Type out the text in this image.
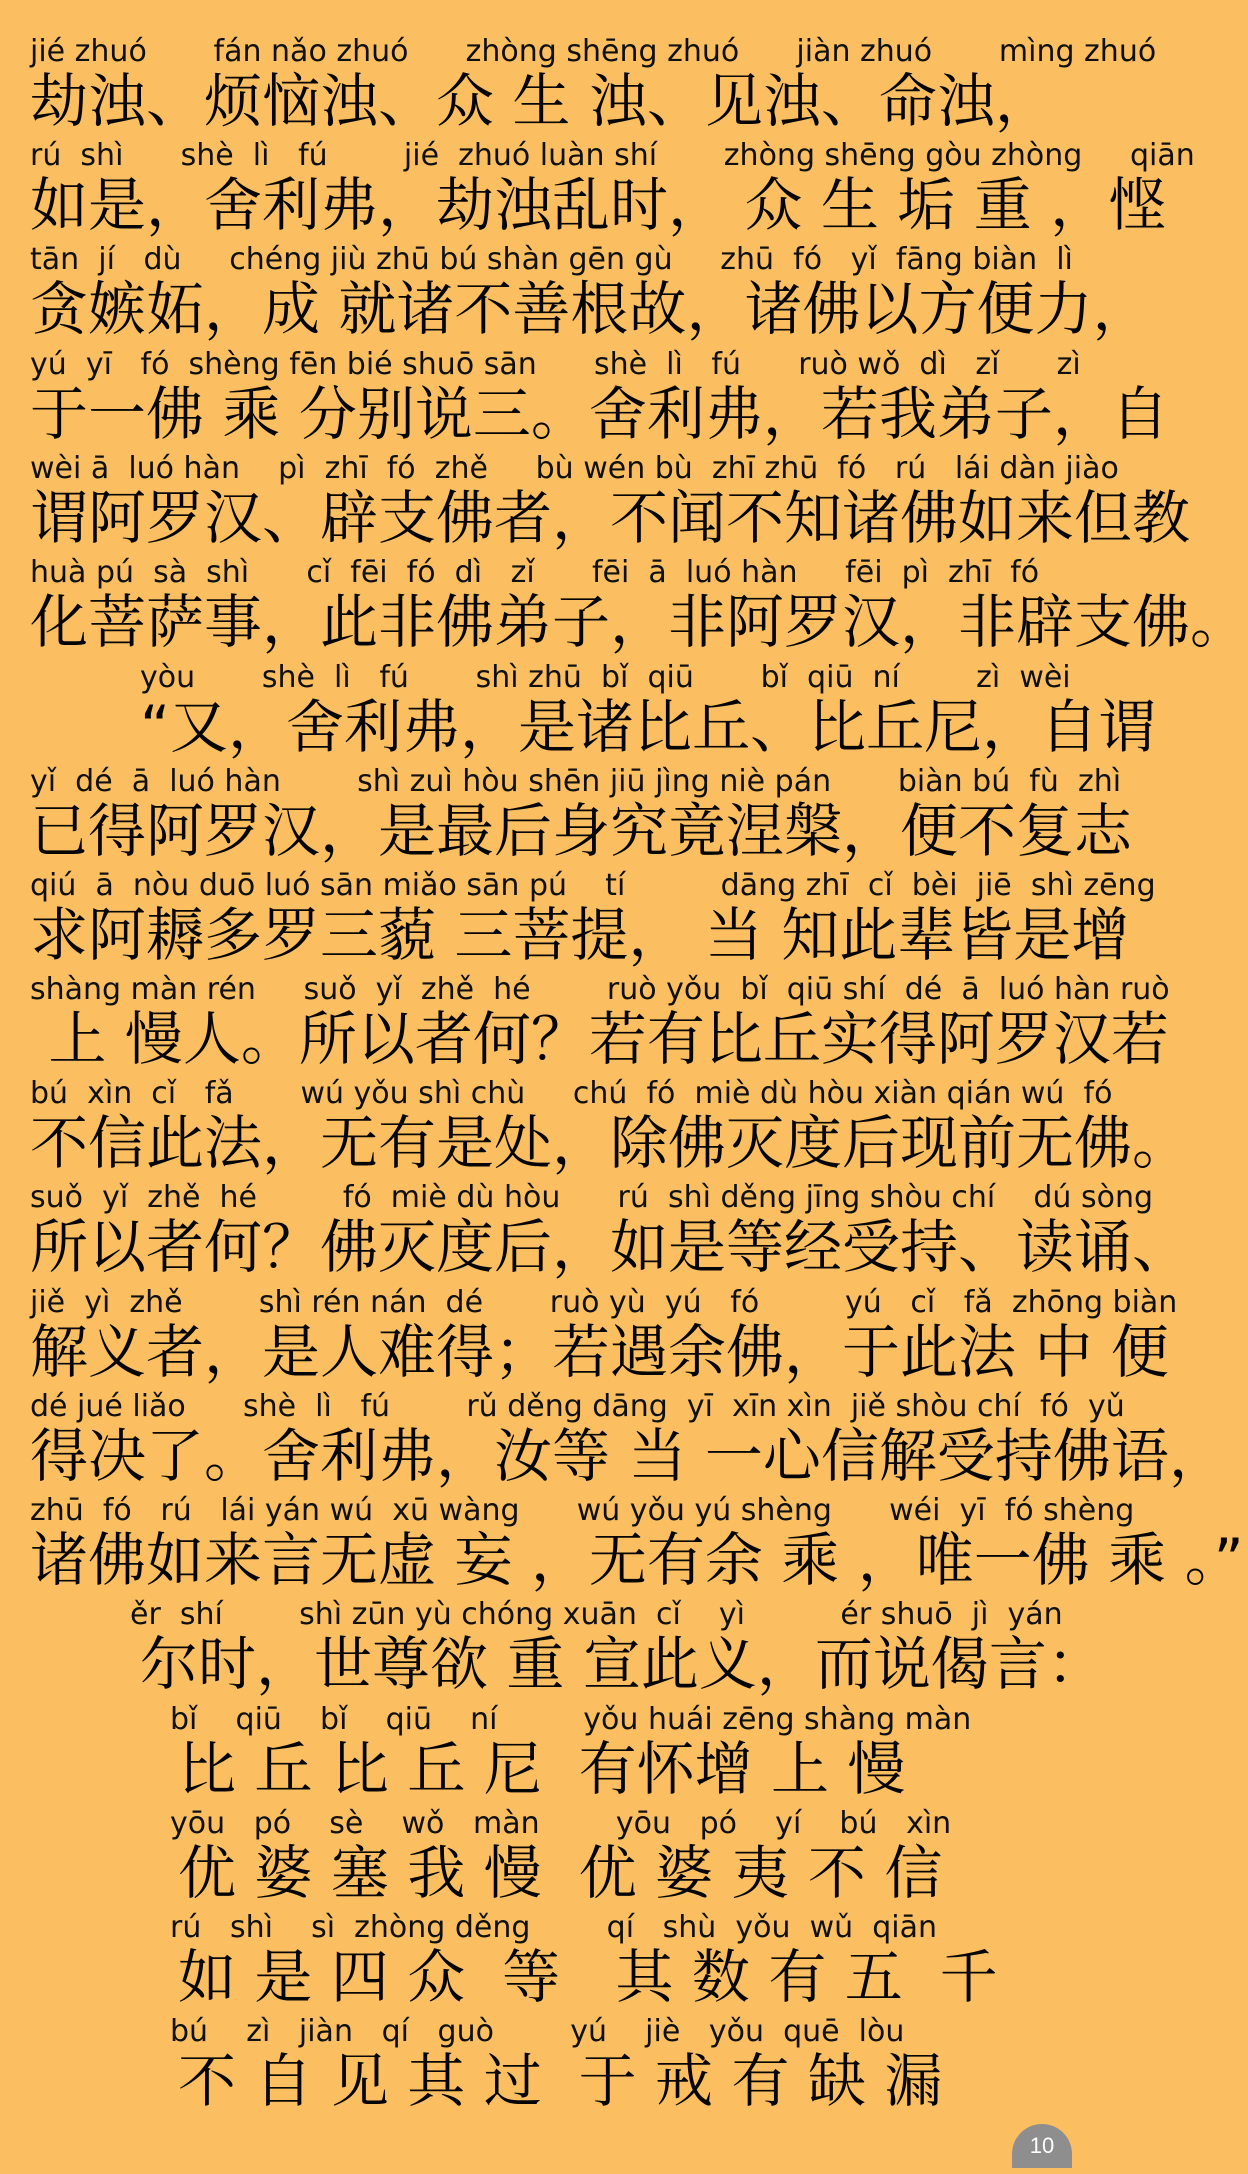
jié zhuó       fán nǎo zhuó      zhòng shēng zhuó      jiàn zhuó       mìng zhuó
劫浊、烦恼浊、众 生 浊、见浊、命浊，
rú  shì      shè  lì   fú        jié  zhuó luàn shí       zhòng shēng gòu zhòng     qiān
如是，舍利弗，劫浊乱时， 众 生 垢 重 ，悭
tān  jí   dù     chéng jiù zhū bú shàn gēn gù     zhū  fó   yǐ  fāng biàn  lì
贪嫉妬，成 就诸不善根故，诸佛以方便力，
yú  yī   fó  shèng fēn bié shuō sān      shè  lì   fú      ruò wǒ  dì   zǐ      zì
于一佛 乘 分别说三。舍利弗，若我弟子，自
wèi ā  luó hàn    pì  zhī  fó  zhě     bù wén bù  zhī zhū  fó   rú   lái dàn jiào
谓阿罗汉、辟支佛者，不闻不知诸佛如来但教
huà pú  sà  shì      cǐ  fēi  fó  dì   zǐ      fēi  ā  luó hàn     fēi  pì  zhī  fó
化菩萨事，此非佛弟子，非阿罗汉，非辟支佛。
yòu       shè  lì   fú       shì zhū  bǐ  qiū       bǐ  qiū  ní        zì  wèi
“又，舍利弗，是诸比丘、比丘尼，自谓
yǐ  dé  ā  luó hàn        shì zuì hòu shēn jiū jìng niè pán       biàn bú  fù  zhì
已得阿罗汉，是最后身究竟涅槃，便不复志
qiú  ā  nòu duō luó sān miǎo sān pú    tí          dāng zhī  cǐ  bèi  jiē  shì zēng
求阿耨多罗三藐 三菩提， 当 知此辈皆是增
shàng màn rén     suǒ  yǐ  zhě  hé        ruò yǒu  bǐ  qiū shí  dé  ā  luó hàn ruò
上 慢人。所以者何？若有比丘实得阿罗汉若
bú  xìn  cǐ   fǎ       wú yǒu shì chù     chú  fó  miè dù hòu xiàn qián wú  fó
不信此法，无有是处，除佛灭度后现前无佛。
suǒ  yǐ  zhě  hé         fó  miè dù hòu      rú  shì děng jīng shòu chí    dú sòng
所以者何？佛灭度后，如是等经受持、读诵、
jiě  yì  zhě        shì rén nán  dé       ruò yù  yú   fó         yú   cǐ   fǎ  zhōng biàn
解义者，是人难得；若遇余佛，于此法 中 便
dé jué liǎo      shè  lì   fú        rǔ děng dāng  yī  xīn xìn  jiě shòu chí  fó  yǔ
得决了。舍利弗，汝等 当 一心信解受持佛语，
zhū  fó   rú   lái yán wú  xū wàng      wú yǒu yú shèng      wéi  yī  fó shèng
诸佛如来言无虚 妄 ，无有余 乘 ，唯一佛 乘 。”
ěr  shí        shì zūn yù chóng xuān  cǐ    yì          ér shuō  jì  yán
尔时，世尊欲 重 宣此义，而说偈言：
bǐ    qiū    bǐ    qiū    ní         yǒu huái zēng shàng màn
比 丘 比 丘 尼  有怀增 上 慢
yōu   pó    sè    wǒ   màn        yōu   pó    yí    bú   xìn
优 婆 塞 我 慢  优 婆 夷 不 信
rú   shì    sì  zhòng děng        qí   shù  yǒu  wǔ  qiān
如 是 四 众  等   其 数 有 五  千
bú    zì   jiàn   qí   guò        yú    jiè   yǒu  quē  lòu
不 自 见 其 过  于 戒 有 缺 漏
10
